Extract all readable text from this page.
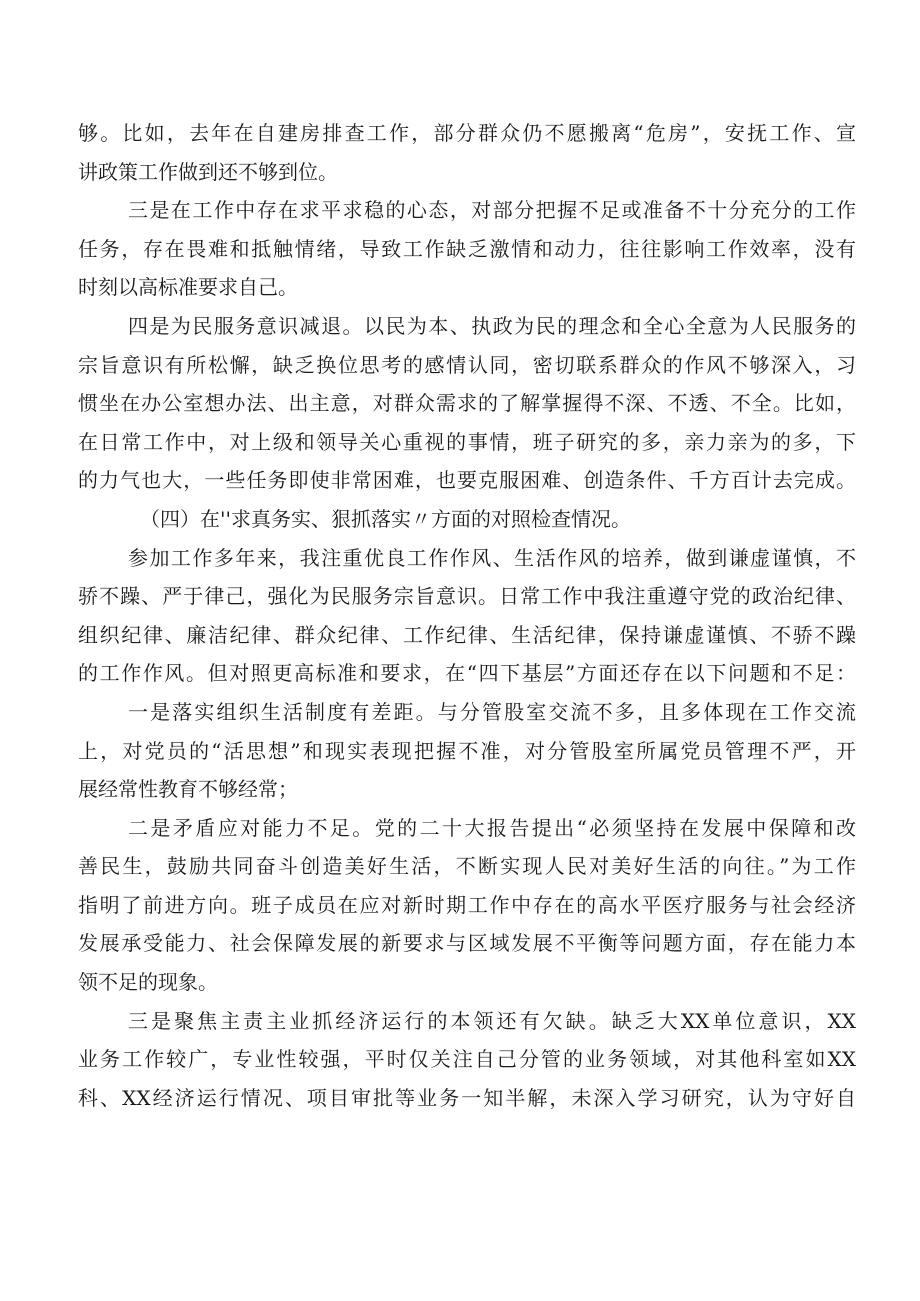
够。比如，去年在自建房排查工作，部分群众仍不愿搬离“危房”，安抚工作、宣
讲政策工作做到还不够到位。
三是在工作中存在求平求稳的心态，对部分把握不足或准备不十分充分的工作
任务，存在畏难和抵触情绪，导致工作缺乏激情和动力，往往影响工作效率，没有
时刻以高标准要求自己。
四是为民服务意识减退。以民为本、执政为民的理念和全心全意为人民服务的
宗旨意识有所松懈，缺乏换位思考的感情认同，密切联系群众的作风不够深入，习
惯坐在办公室想办法、出主意，对群众需求的了解掌握得不深、不透、不全。比如，
在日常工作中，对上级和领导关心重视的事情，班子研究的多，亲力亲为的多，下
的力气也大，一些任务即使非常困难，也要克服困难、创造条件、千方百计去完成。
（四）在''求真务实、狠抓落实〃方面的对照检查情况。
参加工作多年来，我注重优良工作作风、生活作风的培养，做到谦虚谨慎，不
骄不躁、严于律己，强化为民服务宗旨意识。日常工作中我注重遵守党的政治纪律、
组织纪律、廉洁纪律、群众纪律、工作纪律、生活纪律，保持谦虚谨慎、不骄不躁
的工作作风。但对照更高标准和要求，在“四下基层”方面还存在以下问题和不足：
一是落实组织生活制度有差距。与分管股室交流不多，且多体现在工作交流
上，对党员的“活思想”和现实表现把握不准，对分管股室所属党员管理不严，开
展经常性教育不够经常；
二是矛盾应对能力不足。党的二十大报告提出“必须坚持在发展中保障和改
善民生，鼓励共同奋斗创造美好生活，不断实现人民对美好生活的向往。”为工作
指明了前进方向。班子成员在应对新时期工作中存在的高水平医疗服务与社会经济
发展承受能力、社会保障发展的新要求与区域发展不平衡等问题方面，存在能力本
领不足的现象。
三是聚焦主责主业抓经济运行的本领还有欠缺。缺乏大XX单位意识，XX
业务工作较广，专业性较强，平时仅关注自己分管的业务领域，对其他科室如XX
科、XX经济运行情况、项目审批等业务一知半解，未深入学习研究，认为守好自
